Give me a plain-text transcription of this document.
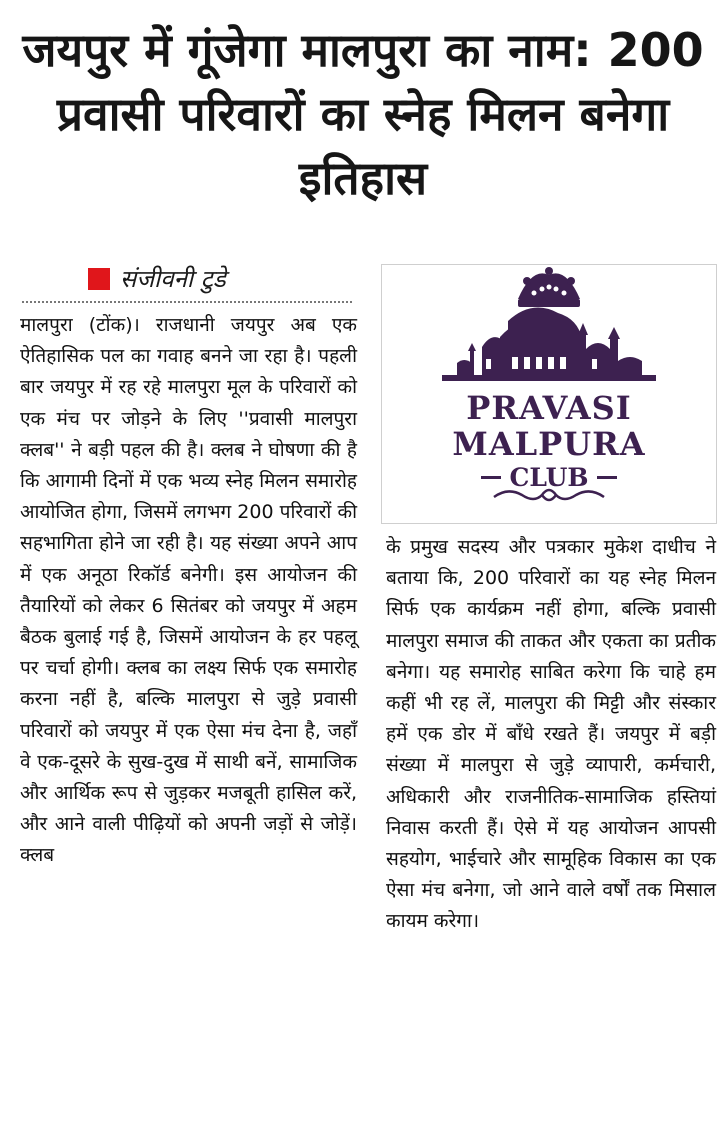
जयपुर में गूंजेगा मालपुरा का नाम: 200 प्रवासी परिवारों का स्नेह मिलन बनेगा इतिहास
संजीवनी टुडे

मालपुरा (टोंक)। राजधानी जयपुर अब एक ऐतिहासिक पल का गवाह बनने जा रहा है। पहली बार जयपुर में रह रहे मालपुरा मूल के परिवारों को एक मंच पर जोड़ने के लिए ''प्रवासी मालपुरा क्लब'' ने बड़ी पहल की है। क्लब ने घोषणा की है कि आगामी दिनों में एक भव्य स्नेह मिलन समारोह आयोजित होगा, जिसमें लगभग 200 परिवारों की सहभागिता होने जा रही है। यह संख्या अपने आप में एक अनूठा रिकॉर्ड बनेगी। इस आयोजन की तैयारियों को लेकर 6 सितंबर को जयपुर में अहम बैठक बुलाई गई है, जिसमें आयोजन के हर पहलू पर चर्चा होगी। क्लब का लक्ष्य सिर्फ एक समारोह करना नहीं है, बल्कि मालपुरा से जुड़े प्रवासी परिवारों को जयपुर में एक ऐसा मंच देना है, जहाँ वे एक-दूसरे के सुख-दुख में साथी बनें, सामाजिक और आर्थिक रूप से जुड़कर मजबूती हासिल करें, और आने वाली पीढ़ियों को अपनी जड़ों से जोड़ें। क्लब

PRAVASI
MALPURA
CLUB

के प्रमुख सदस्य और पत्रकार मुकेश दाधीच ने बताया कि, 200 परिवारों का यह स्नेह मिलन सिर्फ एक कार्यक्रम नहीं होगा, बल्कि प्रवासी मालपुरा समाज की ताकत और एकता का प्रतीक बनेगा। यह समारोह साबित करेगा कि चाहे हम कहीं भी रह लें, मालपुरा की मिट्टी और संस्कार हमें एक डोर में बाँधे रखते हैं। जयपुर में बड़ी संख्या में मालपुरा से जुड़े व्यापारी, कर्मचारी, अधिकारी और राजनीतिक-सामाजिक हस्तियां निवास करती हैं। ऐसे में यह आयोजन आपसी सहयोग, भाईचारे और सामूहिक विकास का एक ऐसा मंच बनेगा, जो आने वाले वर्षों तक मिसाल कायम करेगा।
